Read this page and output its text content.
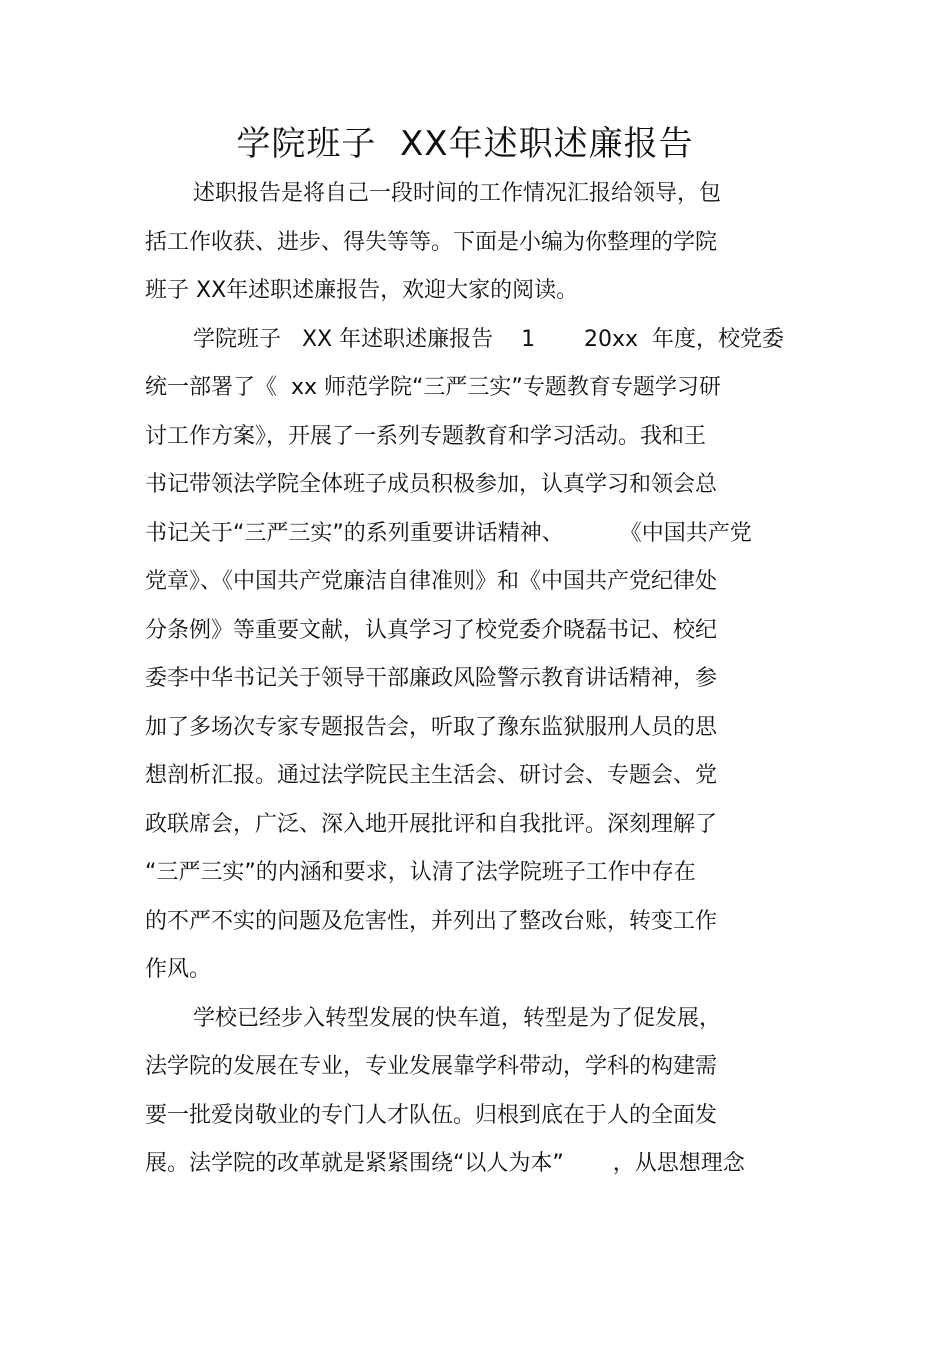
学院班子  XX年述职述廉报告
述职报告是将自己一段时间的工作情况汇报给领导，包
括工作收获、进步、得失等等。下面是小编为你整理的学院
班子 XX年述职述廉报告，欢迎大家的阅读。
学院班子   XX 年述职述廉报告    1       20xx  年度，校党委
统一部署了《  xx 师范学院“三严三实”专题教育专题学习研
讨工作方案》，开展了一系列专题教育和学习活动。我和王
书记带领法学院全体班子成员积极参加，认真学习和领会总
书记关于“三严三实”的系列重要讲话精神、        《中国共产党
党章》、《中国共产党廉洁自律准则》和《中国共产党纪律处
分条例》等重要文献，认真学习了校党委介晓磊书记、校纪
委李中华书记关于领导干部廉政风险警示教育讲话精神，参
加了多场次专家专题报告会，听取了豫东监狱服刑人员的思
想剖析汇报。通过法学院民主生活会、研讨会、专题会、党
政联席会，广泛、深入地开展批评和自我批评。深刻理解了
“三严三实”的内涵和要求，认清了法学院班子工作中存在
的不严不实的问题及危害性，并列出了整改台账，转变工作
作风。
学校已经步入转型发展的快车道，转型是为了促发展，
法学院的发展在专业，专业发展靠学科带动，学科的构建需
要一批爱岗敬业的专门人才队伍。归根到底在于人的全面发
展。法学院的改革就是紧紧围绕“以人为本”       ，从思想理念
